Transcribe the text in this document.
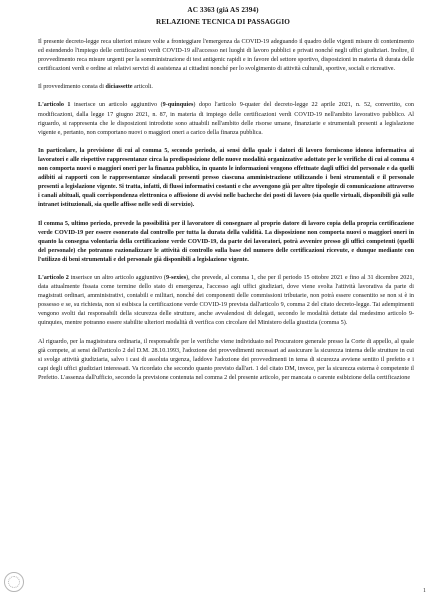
AC 3363 (già AS 2394)
RELAZIONE TECNICA DI PASSAGGIO

Il presente decreto-legge reca ulteriori misure volte a fronteggiare l'emergenza da COVID-19 adeguando il quadro delle vigenti misure di contenimento ed estendendo l'impiego delle certificazioni verdi COVID-19 all'accesso nei luoghi di lavoro pubblici e privati nonché negli uffici giudiziari. Inoltre, il provvedimento reca misure urgenti per la somministrazione di test antigenic rapidi e in favore del settore sportivo, disposizioni in materia di durata delle certificazioni verdi e ordine ai relativi servizi di assistenza ai cittadini nonché per lo svolgimento di attività culturali, sportive, sociali e ricreative.

Il provvedimento consta di diciassette articoli.

L'articolo 1 inserisce un articolo aggiuntivo (9-quinquies) dopo l'articolo 9-quater del decreto-legge 22 aprile 2021, n. 52, convertito, con modificazioni, dalla legge 17 giugno 2021, n. 87, in materia di impiego delle certificazioni verdi COVID-19 nell'ambito lavorativo pubblico. Al riguardo, si rappresenta che le disposizioni introdotte sono attuabili nell'ambito delle risorse umane, finanziarie e strumentali presenti a legislazione vigente e, pertanto, non comportano nuovi o maggiori oneri a carico della finanza pubblica.

In particolare, la previsione di cui al comma 5, secondo periodo, ai sensi della quale i datori di lavoro forniscono idonea informativa ai lavoratori e alle rispettive rappresentanze circa la predisposizione delle nuove modalità organizzative adottate per le verifiche di cui al comma 4 non comporta nuovi o maggiori oneri per la finanza pubblica, in quanto le informazioni vengono effettuate dagli uffici del personale e da quelli adibiti ai rapporti con le rappresentanze sindacali presenti presso ciascuna amministrazione utilizzando i beni strumentali e il personale presenti a legislazione vigente. Si tratta, infatti, di flussi informativi costanti e che avvengono già per altre tipologie di comunicazione attraverso i canali abituali, quali corrispondenza elettronica o affissione di avvisi nelle bacheche dei posti di lavoro (sia quelle virtuali, disponibili già sulle intranet istituzionali, sia quelle affisse nelle sedi di servizio).

Il comma 5, ultimo periodo, prevede la possibilità per il lavoratore di consegnare al proprio datore di lavoro copia della propria certificazione verde COVID-19 per essere esonerato dal controllo per tutta la durata della validità. La disposizione non comporta nuovi o maggiori oneri in quanto la consegna volontaria della certificazione verde COVID-19, da parte dei lavoratori, potrà avvenire presso gli uffici competenti (quelli del personale) che potranno razionalizzare le attività di controllo sulla base del numero delle certificazioni ricevute, e dunque mediante con l'utilizzo di beni strumentali e del personale già disponibili a legislazione vigente.

L'articolo 2 inserisce un altro articolo aggiuntivo (9-sexies), che prevede, al comma 1, che per il periodo 15 ottobre 2021 e fino al 31 dicembre 2021, data attualmente fissata come termine dello stato di emergenza, l'accesso agli uffici giudiziari, dove viene svolta l'attività lavorativa da parte di magistrati ordinari, amministrativi, contabili e militari, nonché dei componenti delle commissioni tributarie, non potrà essere consentito se non si è in possesso e se, su richiesta, non si esibisca la certificazione verde COVID-19 prevista dall'articolo 9, comma 2 del citato decreto-legge. Tai adempimenti vengono svolti dai responsabili della sicurezza delle strutture, anche avvalendosi di delegati, secondo le modalità dettate dal medesimo articolo 9-quinquies, mentre potranno essere stabilite ulteriori modalità di verifica con circolare del Ministero della giustizia (comma 5).

Al riguardo, per la magistratura ordinaria, il responsabile per le verifiche viene individuato nel Procuratore generale presso la Corte di appello, al quale già compete, ai sensi dell'articolo 2 del D.M. 28.10.1993, l'adozione dei provvedimenti necessari ad assicurare la sicurezza interna delle strutture in cui si svolge attività giudiziaria, salvo i casi di assoluta urgenza, laddove l'adozione dei provvedimenti in tema di sicurezza avviene sentito il prefetto e i capi degli uffici giudiziari interessati. Va ricordato che secondo quanto previsto dall'art. 1 del citato DM, invece, per la sicurezza esterna è competente il Prefetto. L'assenza dall'ufficio, secondo la previsione contenuta nel comma 2 del presente articolo, per mancata o carente esibizione della certificazione

1
